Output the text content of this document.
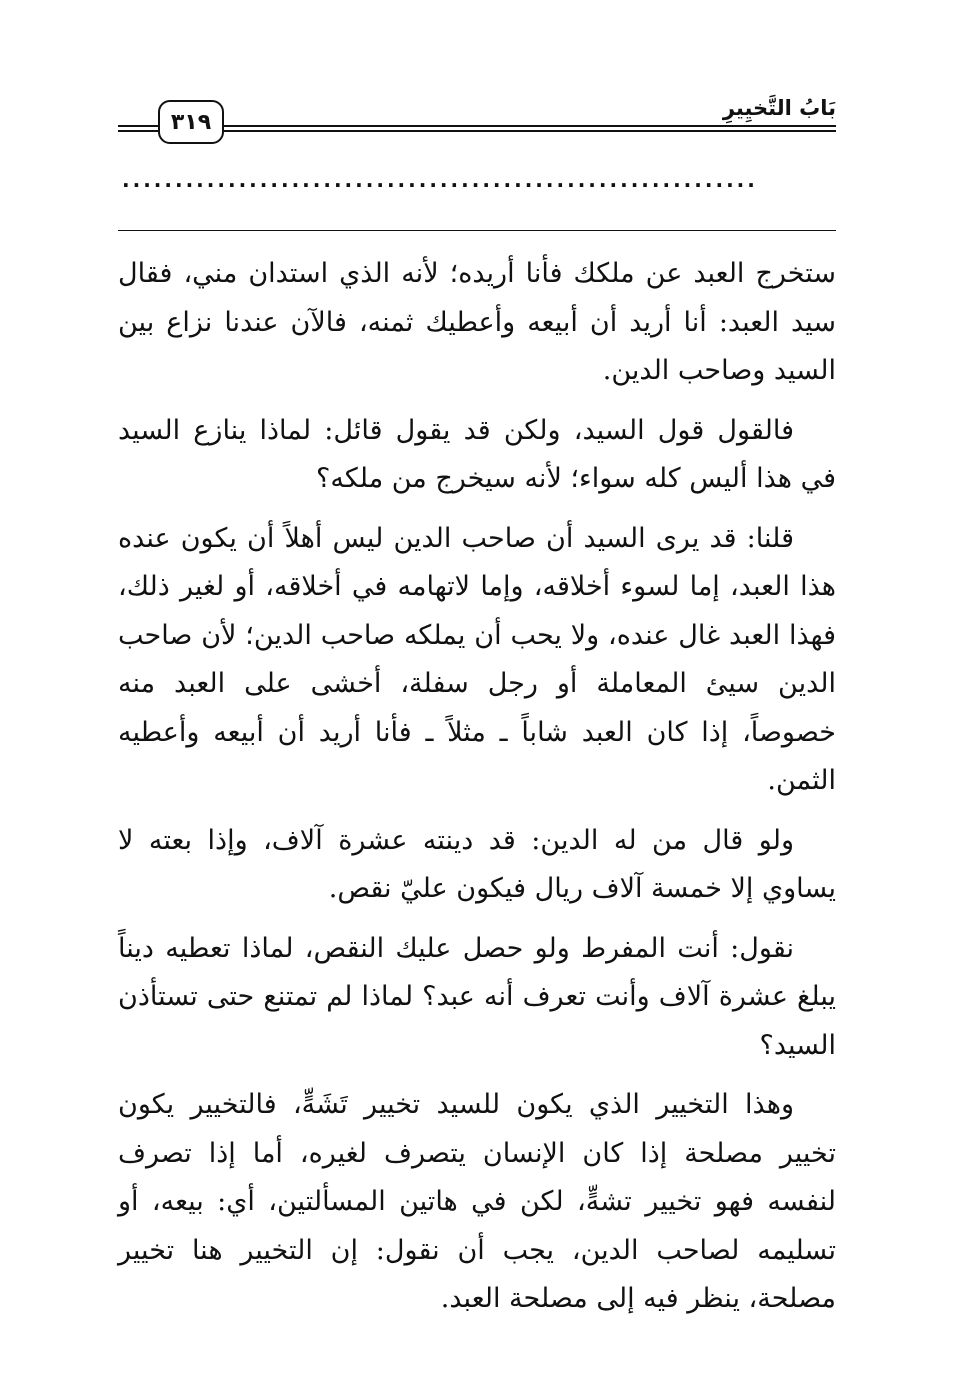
٣١٩
بَابُ التَّخيِيرِ
............................................................

ستخرج العبد عن ملكك فأنا أريده؛ لأنه الذي استدان مني، فقال سيد العبد: أنا أريد أن أبيعه وأعطيك ثمنه، فالآن عندنا نزاع بين السيد وصاحب الدين.

فالقول قول السيد، ولكن قد يقول قائل: لماذا ينازع السيد في هذا أليس كله سواء؛ لأنه سيخرج من ملكه؟

قلنا: قد يرى السيد أن صاحب الدين ليس أهلاً أن يكون عنده هذا العبد، إما لسوء أخلاقه، وإما لاتهامه في أخلاقه، أو لغير ذلك، فهذا العبد غال عنده، ولا يحب أن يملكه صاحب الدين؛ لأن صاحب الدين سيئ المعاملة أو رجل سفلة، أخشى على العبد منه خصوصاً، إذا كان العبد شاباً ـ مثلاً ـ فأنا أريد أن أبيعه وأعطيه الثمن.

ولو قال من له الدين: قد دينته عشرة آلاف، وإذا بعته لا يساوي إلا خمسة آلاف ريال فيكون عليّ نقص.

نقول: أنت المفرط ولو حصل عليك النقص، لماذا تعطيه ديناً يبلغ عشرة آلاف وأنت تعرف أنه عبد؟ لماذا لم تمتنع حتى تستأذن السيد؟

وهذا التخيير الذي يكون للسيد تخيير تَشَهٍّ، فالتخيير يكون تخيير مصلحة إذا كان الإنسان يتصرف لغيره، أما إذا تصرف لنفسه فهو تخيير تشهٍّ، لكن في هاتين المسألتين، أي: بيعه، أو تسليمه لصاحب الدين، يجب أن نقول: إن التخيير هنا تخيير مصلحة، ينظر فيه إلى مصلحة العبد.
